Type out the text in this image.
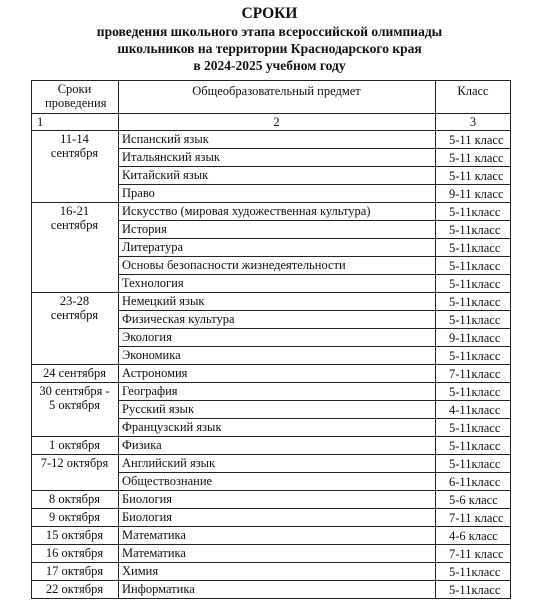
СРОКИ
проведения школьного этапа всероссийской олимпиады
школьников на территории Краснодарского края
в 2024-2025 учебном году
Сроки проведения
Общеобразовательный предмет	Класс
1	2	3
11-14 сентября
Испанский язык	5-11 класс
Итальянский язык	5-11 класс
Китайский язык	5-11 класс
Право	9-11 класс
16-21 сентября
Искусство (мировая художественная культура)	5-11класс
История	5-11класс
Литература	5-11класс
Основы безопасности жизнедеятельности	5-11класс
Технология	5-11класс
23-28 сентября
Немецкий язык	5-11класс
Физическая культура	5-11класс
Экология	9-11класс
Экономика	5-11класс
24 сентября	Астрономия	7-11класс
30 сентября - 5 октября
География	5-11класс
Русский язык	4-11класс
Французский язык	5-11класс
1 октября	Физика	5-11класс
7-12 октября	Английский язык	5-11класс
Обществознание	6-11класс
8 октября	Биология	5-6 класс
9 октября	Биология	7-11 класс
15 октября	Математика	4-6 класс
16 октября	Математика	7-11 класс
17 октября	Химия	5-11класс
22 октября	Информатика	5-11класс
